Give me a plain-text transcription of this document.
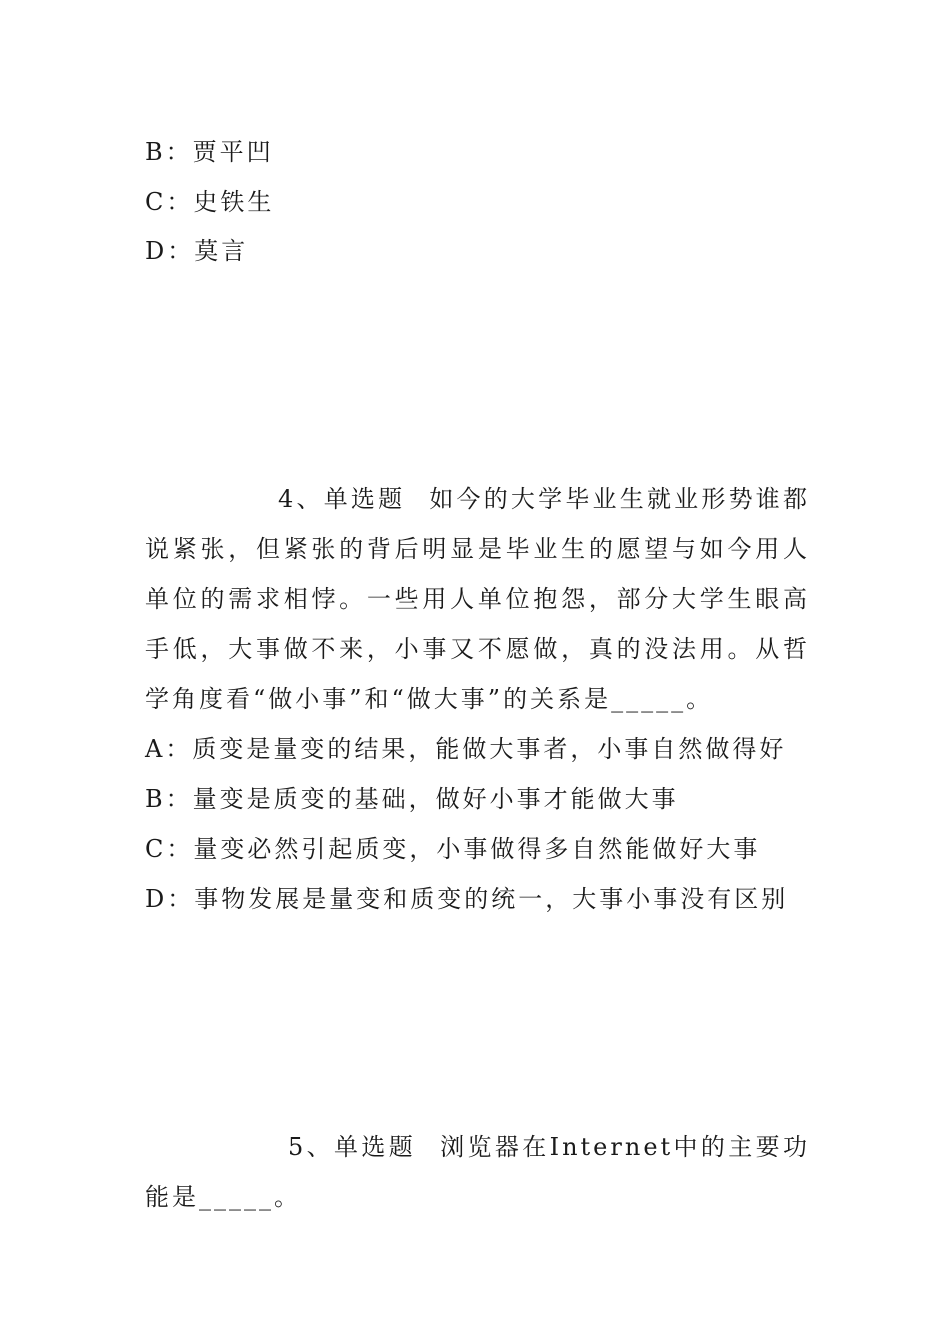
B：贾平凹
C：史铁生
D：莫言
4、单选题 如今的大学毕业生就业形势谁都说紧张，但紧张的背后明显是毕业生的愿望与如今用人单位的需求相悖。一些用人单位抱怨，部分大学生眼高手低，大事做不来，小事又不愿做，真的没法用。从哲学角度看“做小事”和“做大事”的关系是_____。
A：质变是量变的结果，能做大事者，小事自然做得好
B：量变是质变的基础，做好小事才能做大事
C：量变必然引起质变，小事做得多自然能做好大事
D：事物发展是量变和质变的统一，大事小事没有区别
5、单选题 浏览器在Internet中的主要功能是_____。
